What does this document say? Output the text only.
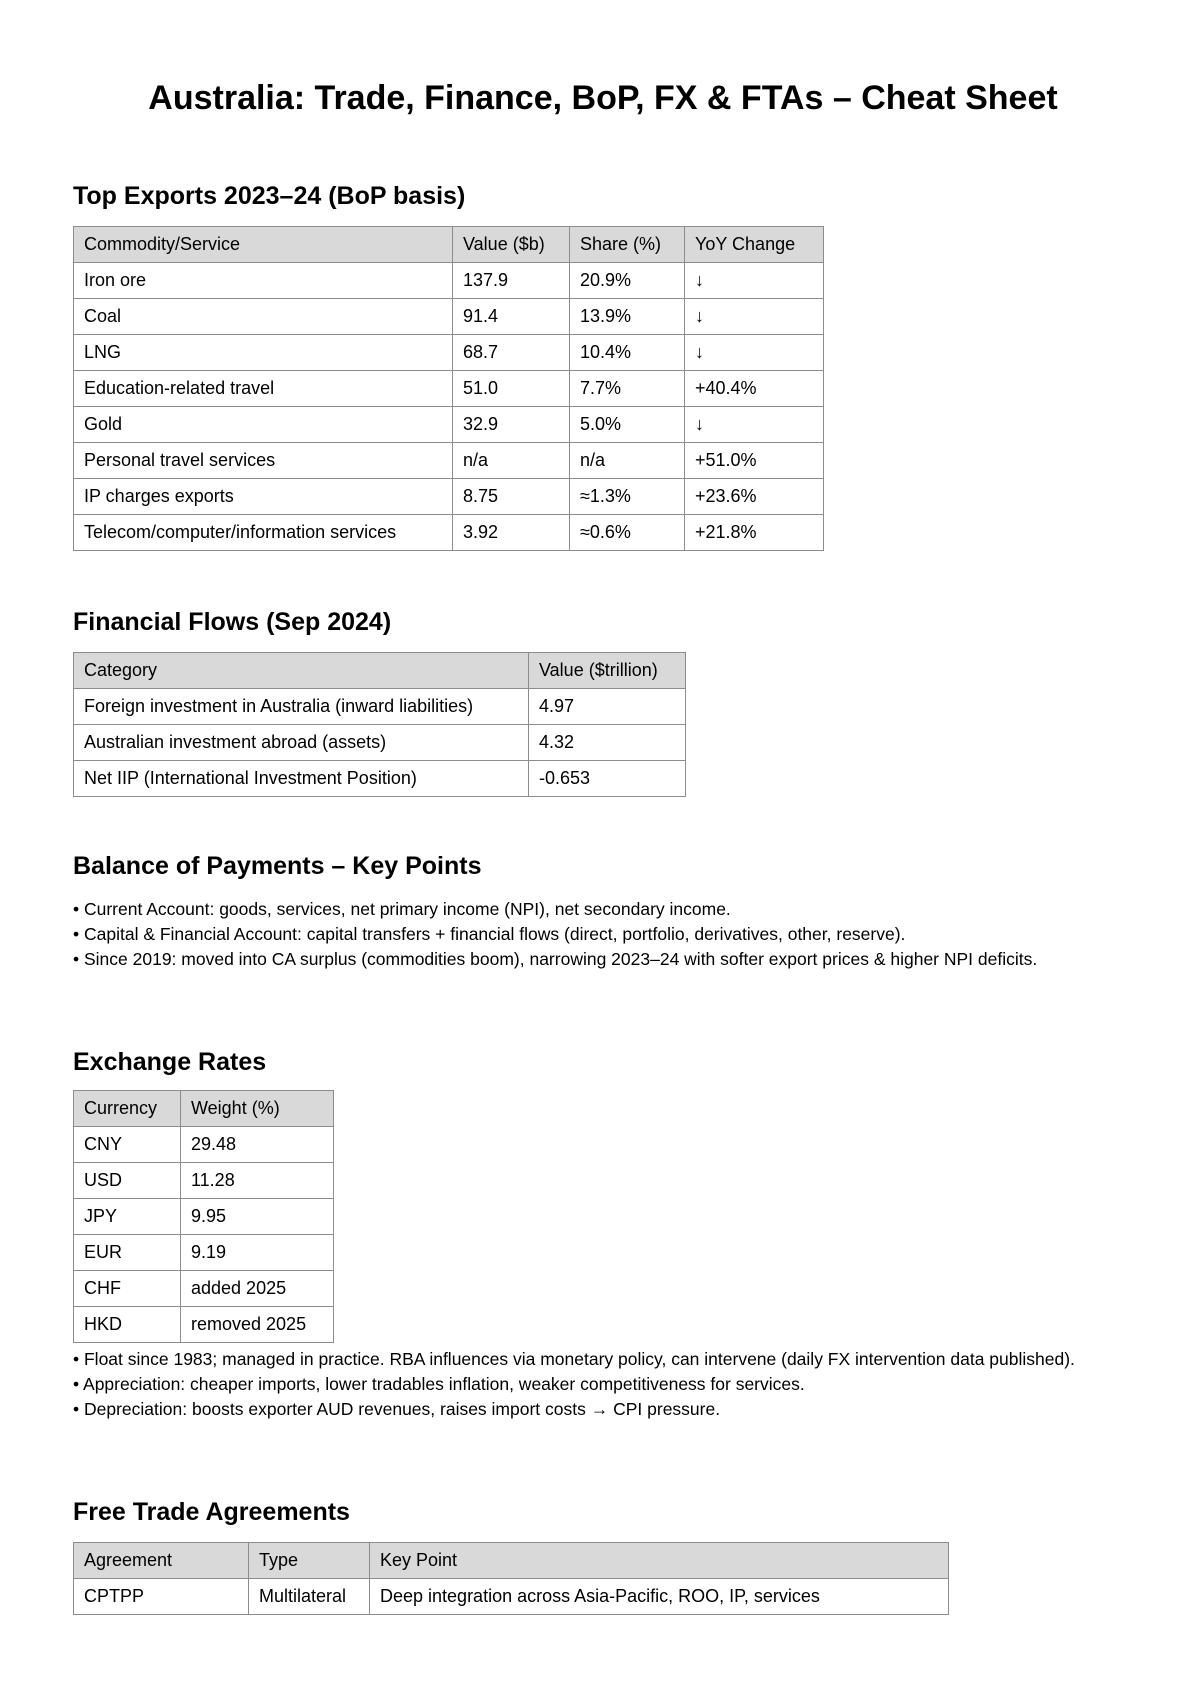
Australia: Trade, Finance, BoP, FX & FTAs – Cheat Sheet
Top Exports 2023–24 (BoP basis)
Commodity/Service	Value ($b)	Share (%)	YoY Change
Iron ore	137.9	20.9%	↓
Coal	91.4	13.9%	↓
LNG	68.7	10.4%	↓
Education-related travel	51.0	7.7%	+40.4%
Gold	32.9	5.0%	↓
Personal travel services	n/a	n/a	+51.0%
IP charges exports	8.75	≈1.3%	+23.6%
Telecom/computer/information services	3.92	≈0.6%	+21.8%
Financial Flows (Sep 2024)
Category	Value ($trillion)
Foreign investment in Australia (inward liabilities)	4.97
Australian investment abroad (assets)	4.32
Net IIP (International Investment Position)	-0.653
Balance of Payments – Key Points

• Current Account: goods, services, net primary income (NPI), net secondary income.

• Capital & Financial Account: capital transfers + financial flows (direct, portfolio, derivatives, other, reserve).

• Since 2019: moved into CA surplus (commodities boom), narrowing 2023–24 with softer export prices & higher NPI deficits.

Exchange Rates
Currency	Weight (%)
CNY	29.48
USD	11.28
JPY	9.95
EUR	9.19
CHF	added 2025
HKD	removed 2025

• Float since 1983; managed in practice. RBA influences via monetary policy, can intervene (daily FX intervention data published).

• Appreciation: cheaper imports, lower tradables inflation, weaker competitiveness for services.

• Depreciation: boosts exporter AUD revenues, raises import costs → CPI pressure.

Free Trade Agreements
Agreement	Type	Key Point
CPTPP	Multilateral	Deep integration across Asia-Pacific, ROO, IP, services
